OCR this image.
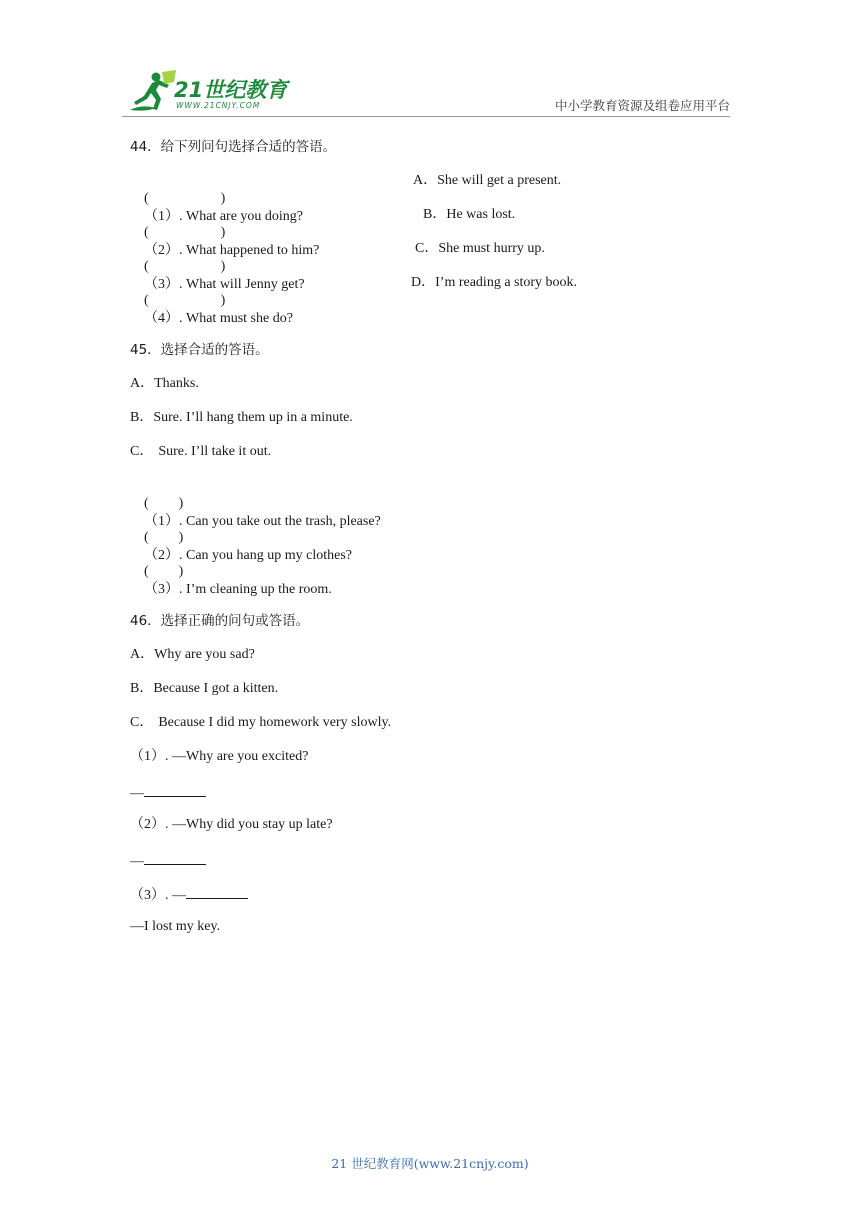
21世纪教育
WWW.21CNJY.COM	中小学教育资源及组卷应用平台
44．给下列问句选择合适的答语。

(	)
（1）. What are you doing?

A．She will get a present.

(	)
（2）. What happened to him?

B．He was lost.

(	)
（3）. What will Jenny get?

C．She must hurry up.

(	)
（4）. What must she do?

D．I’m reading a story book.
45．选择合适的答语。
A．Thanks.
B．Sure. I’ll hang them up in a minute.
C． Sure. I’ll take it out.

( )
（1）. Can you take out the trash, please?

( )
（2）. Can you hang up my clothes?

( )
（3）. I’m cleaning up the room.

46．选择正确的问句或答语。
A．Why are you sad?
B．Because I got a kitten.
C． Because I did my homework very slowly.
（1）. —Why are you excited?
—
（2）. —Why did you stay up late?
—
（3）. —
—I lost my key.
21 世纪教育网(www.21cnjy.com)
